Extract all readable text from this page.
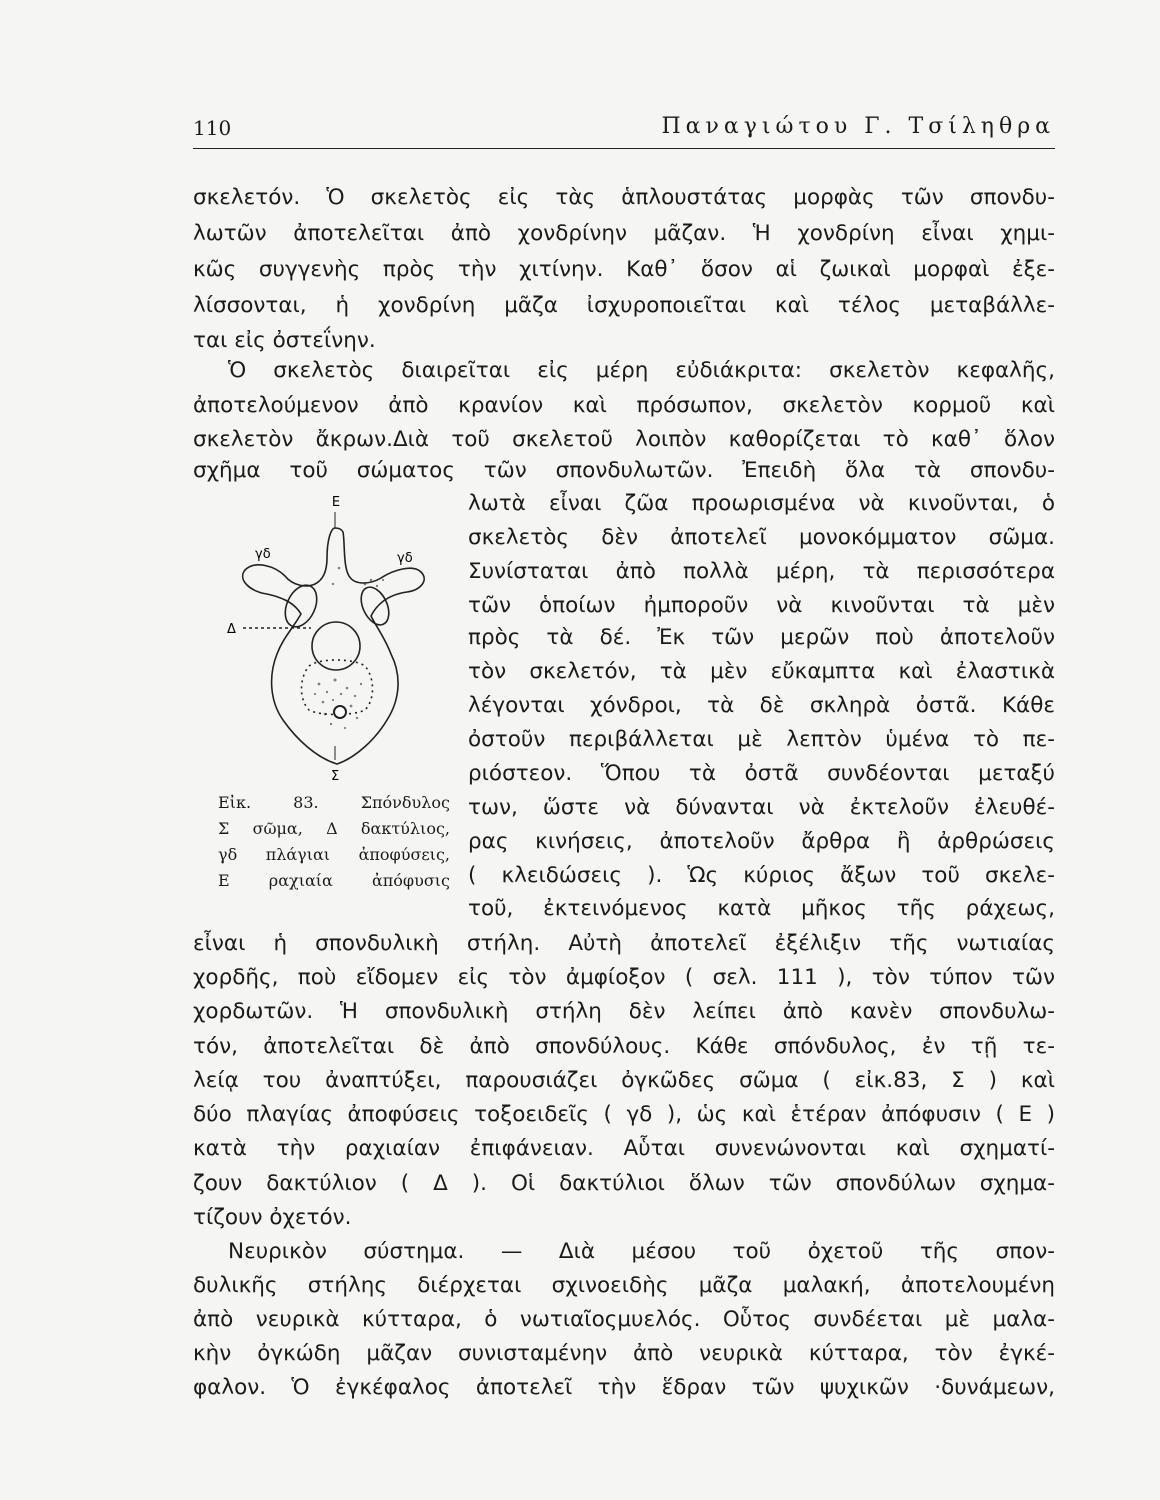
110	Παναγιώτου Γ. Τσίληθρα
σκελετόν. Ὁ σκελετὸς εἰς τὰς ἁπλουστάτας μορφὰς τῶν σπονδυ-
λωτῶν ἀποτελεῖται ἀπὸ χονδρίνην μᾶζαν. Ἡ χονδρίνη εἶναι χημι-
κῶς συγγενὴς πρὸς τὴν χιτίνην. Καθ᾽ ὅσον αἱ ζωικαὶ μορφαὶ ἐξε-
λίσσονται, ἡ χονδρίνη μᾶζα ἰσχυροποιεῖται καὶ τέλος μεταβάλλε-
ται εἰς ὀστεΐνην.
Ὁ σκελετὸς διαιρεῖται εἰς μέρη εὐδιάκριτα: σκελετὸν κεφαλῆς,
ἀποτελούμενον ἀπὸ κρανίον καὶ πρόσωπον, σκελετὸν κορμοῦ καὶ
σκελετὸν ἄκρων.Διὰ τοῦ σκελετοῦ λοιπὸν καθορίζεται τὸ καθ᾽ ὅλον
σχῆμα τοῦ σώματος τῶν σπονδυλωτῶν. Ἐπειδὴ ὅλα τὰ σπονδυ-
λωτὰ εἶναι ζῶα προωρισμένα νὰ κινοῦνται, ὁ
σκελετὸς δὲν ἀποτελεῖ μονοκόμματον σῶμα.
Συνίσταται ἀπὸ πολλὰ μέρη, τὰ περισσότερα
τῶν ὁποίων ἠμποροῦν νὰ κινοῦνται τὰ μὲν
πρὸς τὰ δέ. Ἐκ τῶν μερῶν ποὺ ἀποτελοῦν
τὸν σκελετόν, τὰ μὲν εὔκαμπτα καὶ ἐλαστικὰ
λέγονται χόνδροι, τὰ δὲ σκληρὰ ὀστᾶ. Κάθε
ὀστοῦν περιβάλλεται μὲ λεπτὸν ὑμένα τὸ πε-
ριόστεον. Ὅπου τὰ ὀστᾶ συνδέονται μεταξύ
των, ὥστε νὰ δύνανται νὰ ἐκτελοῦν ἐλευθέ-
ρας κινήσεις, ἀποτελοῦν ἄρθρα ἢ ἀρθρώσεις
( κλειδώσεις ). Ὡς κύριος ἄξων τοῦ σκελε-
τοῦ, ἐκτεινόμενος κατὰ μῆκος τῆς ράχεως,
εἶναι ἡ σπονδυλικὴ στήλη. Αὐτὴ ἀποτελεῖ ἐξέλιξιν τῆς νωτιαίας
χορδῆς, ποὺ εἴδομεν εἰς τὸν ἀμφίοξον ( σελ. 111 ), τὸν τύπον τῶν
χορδωτῶν. Ἡ σπονδυλικὴ στήλη δὲν λείπει ἀπὸ κανὲν σπονδυλω-
τόν, ἀποτελεῖται δὲ ἀπὸ σπονδύλους. Κάθε σπόνδυλος, ἐν τῇ τε-
λείᾳ του ἀναπτύξει, παρουσιάζει ὀγκῶδες σῶμα ( εἰκ.83, Σ ) καὶ
δύο πλαγίας ἀποφύσεις τοξοειδεῖς ( γδ ), ὡς καὶ ἑτέραν ἀπόφυσιν ( Ε )
κατὰ τὴν ραχιαίαν ἐπιφάνειαν. Αὗται συνενώνονται καὶ σχηματί-
ζουν δακτύλιον ( Δ ). Οἱ δακτύλιοι ὅλων τῶν σπονδύλων σχημα-
τίζουν ὀχετόν.
Νευρικὸν σύστημα. — Διὰ μέσου τοῦ ὀχετοῦ τῆς σπον-
δυλικῆς στήλης διέρχεται σχινοειδὴς μᾶζα μαλακή, ἀποτελουμένη
ἀπὸ νευρικὰ κύτταρα, ὁ νωτιαῖοςμυελός. Οὗτος συνδέεται μὲ μαλα-
κὴν ὀγκώδη μᾶζαν συνισταμένην ἀπὸ νευρικὰ κύτταρα, τὸν ἐγκέ-
φαλον. Ὁ ἐγκέφαλος ἀποτελεῖ τὴν ἕδραν τῶν ψυχικῶν ·δυνάμεων,
Ε
γδ	γδ
Δ
Σ
Εἰκ. 83. Σπόνδυλος
Σ σῶμα, Δ δακτύλιος,
γδ πλάγιαι ἀποφύσεις,
Ε ραχιαία ἀπόφυσις
